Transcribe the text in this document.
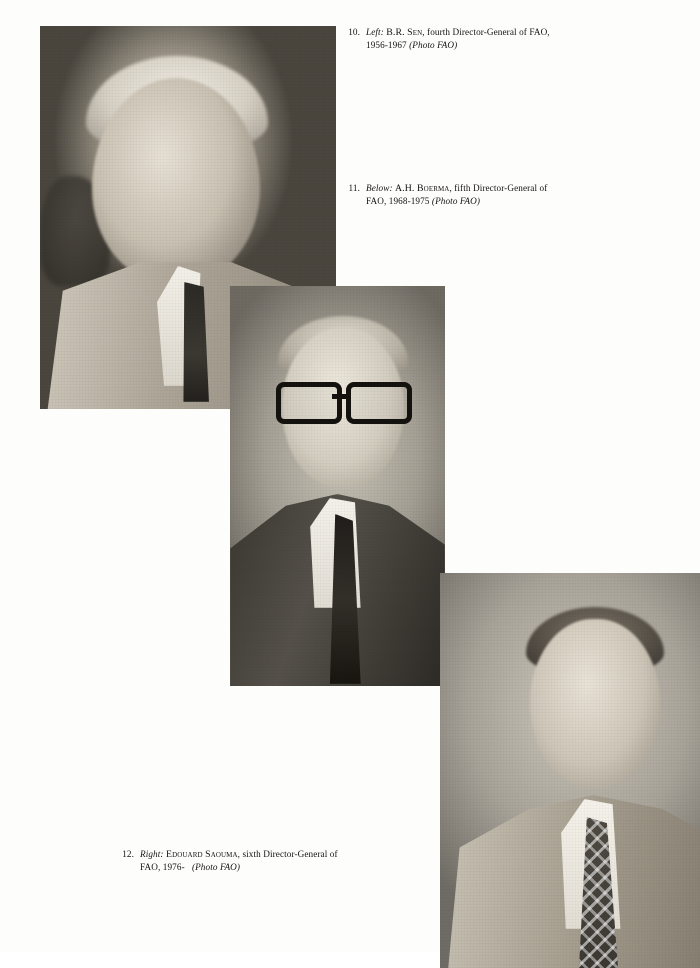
10. Left: B.R. Sen, fourth Director-General of FAO,
1956-1967 (Photo FAO)
11. Below: A.H. Boerma, fifth Director-General of
FAO, 1968-1975 (Photo FAO)
12. Right: Edouard Saouma, sixth Director-General of
FAO, 1976- (Photo FAO)
